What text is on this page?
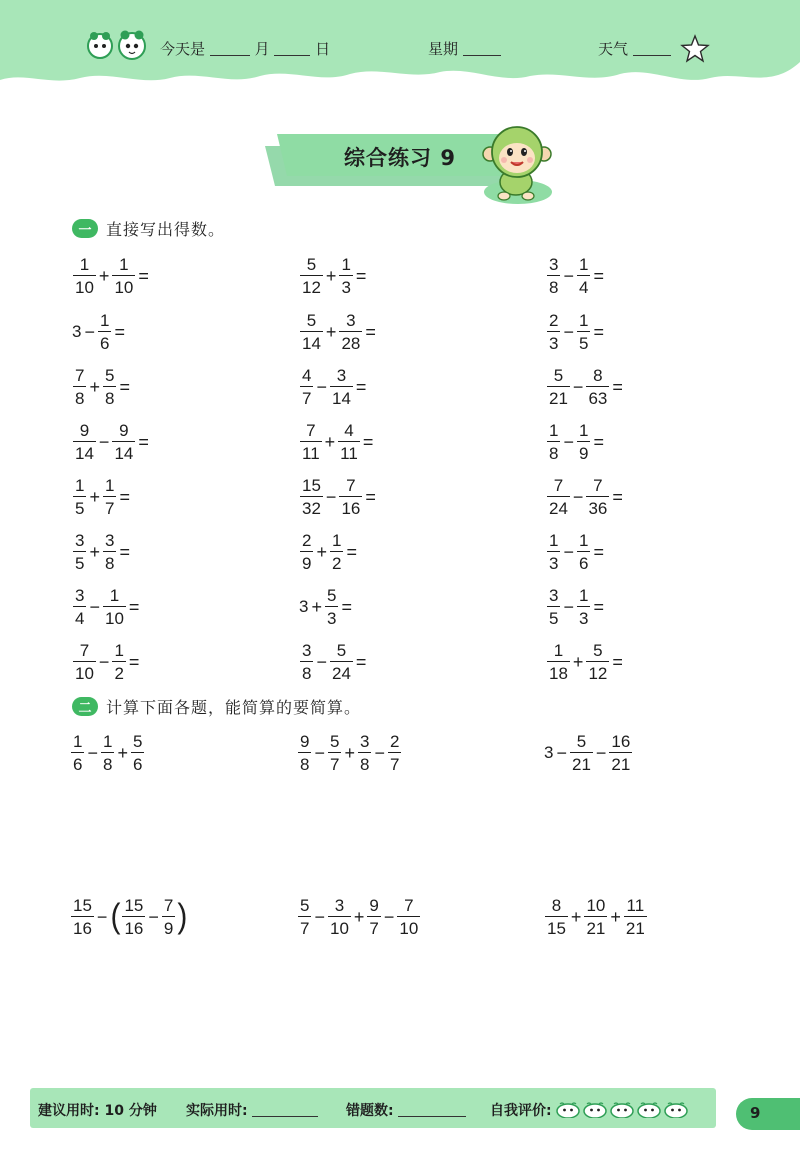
今天是	月	日	星期	天气
综合练习 9
一 直接写出得数。
二 计算下面各题，能简算的要简算。
$\frac{1}{10} + \frac{1}{10}$ =	$\frac{5}{12} + \frac{1}{3}$ =	$\frac{3}{8} - \frac{1}{4}$ =
$3 - \frac{1}{6}$ =	$\frac{5}{14} + \frac{3}{28}$ =	$\frac{2}{3} - \frac{1}{5}$ =
$\frac{7}{8} + \frac{5}{8}$ =	$\frac{4}{7} - \frac{3}{14}$ =	$\frac{5}{21} - \frac{8}{63}$ =
$\frac{9}{14} - \frac{9}{14}$ =	$\frac{7}{11} + \frac{4}{11}$ =	$\frac{1}{8} - \frac{1}{9}$ =
$\frac{1}{5} + \frac{1}{7}$ =	$\frac{15}{32} - \frac{7}{16}$ =	$\frac{7}{24} - \frac{7}{36}$ =
$\frac{3}{5} + \frac{3}{8}$ =	$\frac{2}{9} + \frac{1}{2}$ =	$\frac{1}{3} - \frac{1}{6}$ =
$\frac{3}{4} - \frac{1}{10}$ =	$3 + \frac{5}{3}$ =	$\frac{3}{5} - \frac{1}{3}$ =
$\frac{7}{10} - \frac{1}{2}$ =	$\frac{3}{8} - \frac{5}{24}$ =	$\frac{1}{18} + \frac{5}{12}$ =
$\frac{1}{6} - \frac{1}{8} + \frac{5}{6}$	$\frac{9}{8} - \frac{5}{7} + \frac{3}{8} - \frac{2}{7}$	$3 - \frac{5}{21} - \frac{16}{21}$
$\frac{15}{16}$ − ( $\frac{15}{16} - \frac{7}{9}$ )	$\frac{5}{7} - \frac{3}{10} + \frac{9}{7} - \frac{7}{10}$	$\frac{8}{15} + \frac{10}{21} + \frac{11}{21}$
建议用时: 10 分钟 实际用时:	错题数:	自我评价:	9
